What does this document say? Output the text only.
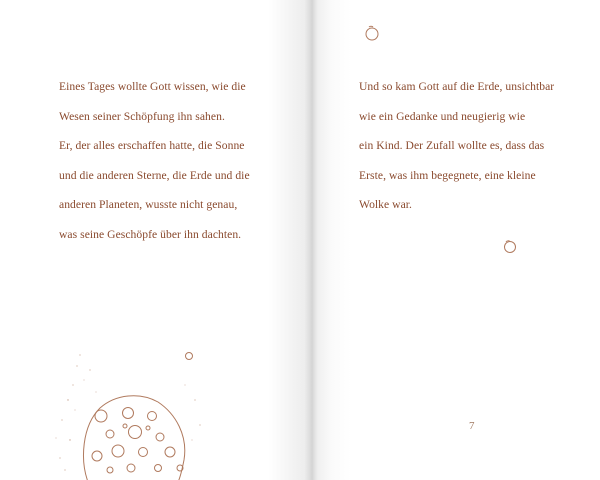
Eines Tages wollte Gott wissen, wie die
Wesen seiner Schöpfung ihn sahen.
Er, der alles erschaffen hatte, die Sonne
und die anderen Sterne, die Erde und die
anderen Planeten, wusste nicht genau,
was seine Geschöpfe über ihn dachten.
Und so kam Gott auf die Erde, unsichtbar
wie ein Gedanke und neugierig wie
ein Kind. Der Zufall wollte es, dass das
Erste, was ihm begegnete, eine kleine
Wolke war.
7
